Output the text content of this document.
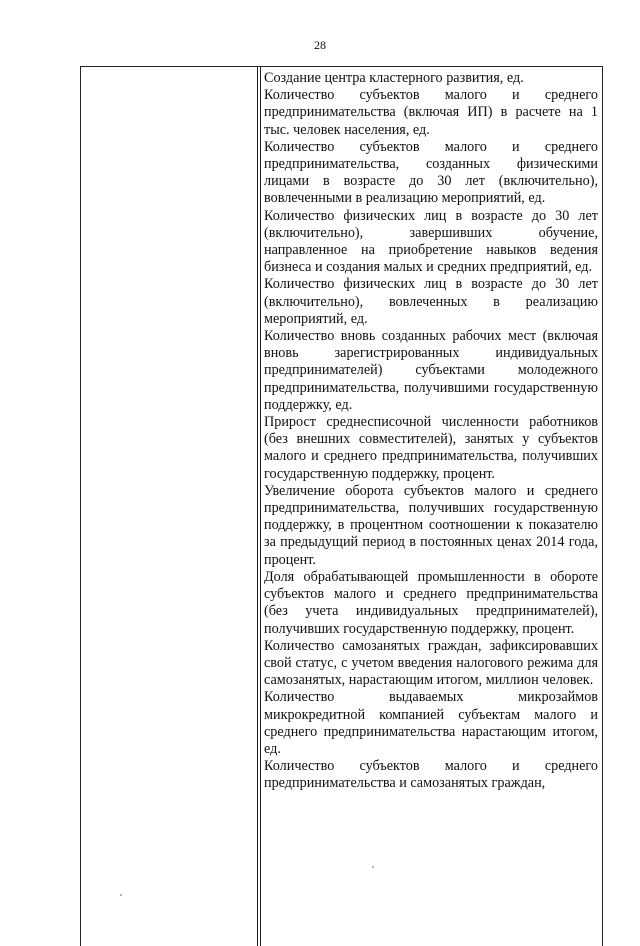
28

Создание центра кластерного развития, ед.

Количество субъектов малого и среднего предпринимательства (включая ИП) в расчете на 1 тыс. человек населения, ед.

Количество субъектов малого и среднего предпринимательства, созданных физическими лицами в возрасте до 30 лет (включительно), вовлеченными в реализацию мероприятий, ед.

Количество физических лиц в возрасте до 30 лет (включительно), завершивших обучение, направленное на приобретение навыков ведения бизнеса и создания малых и средних предприятий, ед.

Количество физических лиц в возрасте до 30 лет (включительно), вовлеченных в реализацию мероприятий, ед.

Количество вновь созданных рабочих мест (включая вновь зарегистрированных индивидуальных предпринимателей) субъектами молодежного предпринимательства, получившими государственную поддержку, ед.

Прирост среднесписочной численности работников (без внешних совместителей), занятых у субъектов малого и среднего предпринимательства, получивших государственную поддержку, процент.

Увеличение оборота субъектов малого и среднего предпринимательства, получивших государственную поддержку, в процентном соотношении к показателю за предыдущий период в постоянных ценах 2014 года, процент.

Доля обрабатывающей промышленности в обороте субъектов малого и среднего предпринимательства (без учета индивидуальных предпринимателей), получивших государственную поддержку, процент.

Количество самозанятых граждан, зафиксировавших свой статус, с учетом введения налогового режима для самозанятых, нарастающим итогом, миллион человек.

Количество выдаваемых микрозаймов микрокредитной компанией субъектам малого и среднего предпринимательства нарастающим итогом, ед.

Количество субъектов малого и среднего предпринимательства и самозанятых граждан,
